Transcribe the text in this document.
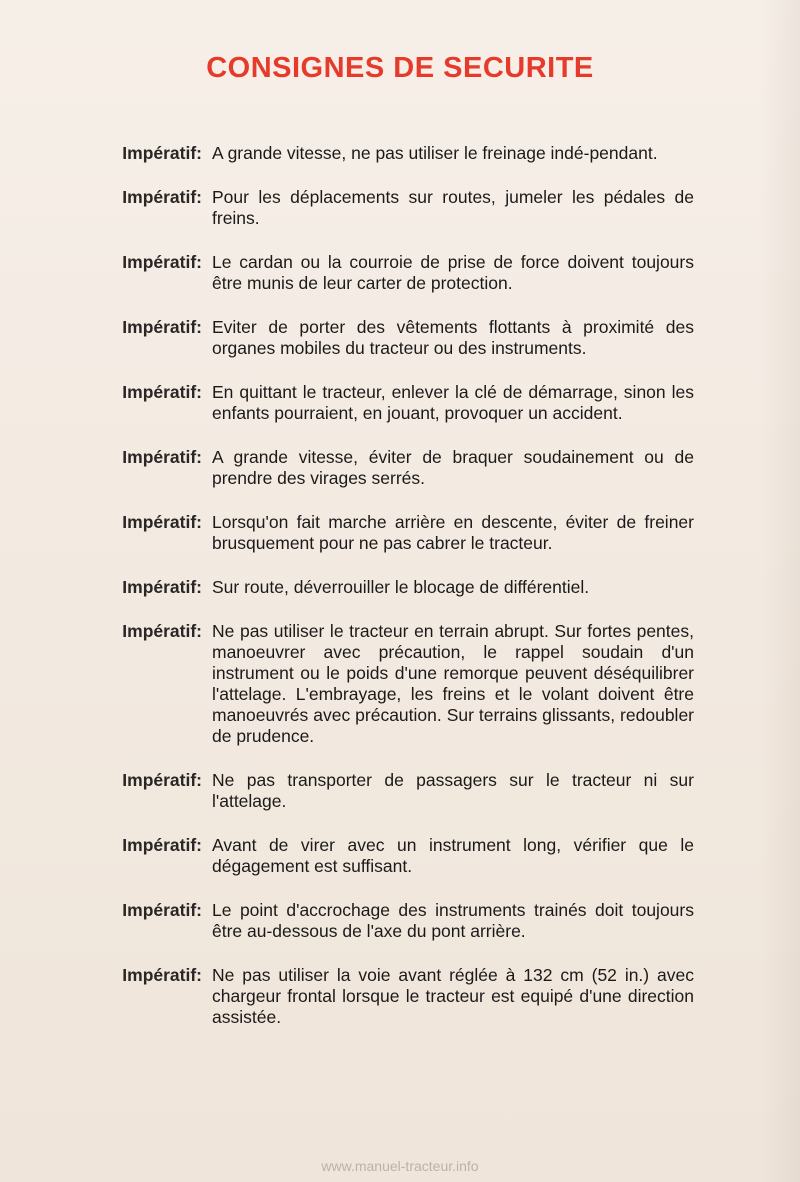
CONSIGNES DE SECURITE
Impératif: A grande vitesse, ne pas utiliser le freinage indé-pendant.
Impératif: Pour les déplacements sur routes, jumeler les pédales de freins.
Impératif: Le cardan ou la courroie de prise de force doivent toujours être munis de leur carter de protection.
Impératif: Eviter de porter des vêtements flottants à proximité des organes mobiles du tracteur ou des instruments.
Impératif: En quittant le tracteur, enlever la clé de démarrage, sinon les enfants pourraient, en jouant, provoquer un accident.
Impératif: A grande vitesse, éviter de braquer soudainement ou de prendre des virages serrés.
Impératif: Lorsqu'on fait marche arrière en descente, éviter de freiner brusquement pour ne pas cabrer le tracteur.
Impératif: Sur route, déverrouiller le blocage de différentiel.
Impératif: Ne pas utiliser le tracteur en terrain abrupt. Sur fortes pentes, manoeuvrer avec précaution, le rappel soudain d'un instrument ou le poids d'une remorque peuvent déséquilibrer l'attelage. L'embrayage, les freins et le volant doivent être manoeuvrés avec précaution. Sur terrains glissants, redoubler de prudence.
Impératif: Ne pas transporter de passagers sur le tracteur ni sur l'attelage.
Impératif: Avant de virer avec un instrument long, vérifier que le dégagement est suffisant.
Impératif: Le point d'accrochage des instruments trainés doit toujours être au-dessous de l'axe du pont arrière.
Impératif: Ne pas utiliser la voie avant réglée à 132 cm (52 in.) avec chargeur frontal lorsque le tracteur est equipé d'une direction assistée.
www.manuel-tracteur.info
